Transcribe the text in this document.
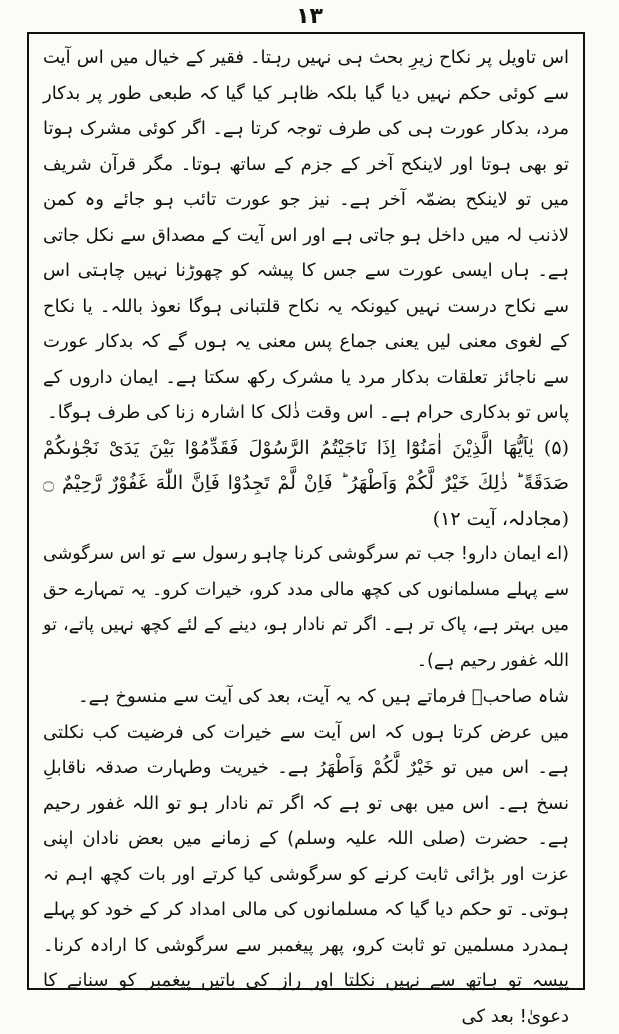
١٣

اس تاویل پر نکاح زیرِ بحث ہی نہیں رہتا۔ فقیر کے خیال میں اس آیت سے کوئی حکم نہیں دیا گیا بلکہ ظاہر کیا گیا کہ طبعی طور پر بدکار مرد، بدکار عورت ہی کی طرف توجہ کرتا ہے۔ اگر کوئی مشرک ہوتا تو بھی ہوتا اور لاینکح آخر کے جزم کے ساتھ ہوتا۔ مگر قرآن شریف میں تو لاینکح بضمّہ آخر ہے۔ نیز جو عورت تائب ہو جائے وہ کمن لاذنب لہ میں داخل ہو جاتی ہے اور اس آیت کے مصداق سے نکل جاتی ہے۔ ہاں ایسی عورت سے جس کا پیشہ کو چھوڑنا نہیں چاہتی اس سے نکاح درست نہیں کیونکہ یہ نکاح قلتبانی ہوگا نعوذ باللہ۔ یا نکاح کے لغوی معنی لیں یعنی جماع پس معنی یہ ہوں گے کہ بدکار عورت سے ناجائز تعلقات بدکار مرد یا مشرک رکھ سکتا ہے۔ ایمان داروں کے پاس تو بدکاری حرام ہے۔ اس وقت ذٰلک کا اشارہ زنا کی طرف ہوگا۔

(۵) یٰاَیُّھَا الَّذِیْنَ اٰمَنُوْٓا اِذَا نَاجَیْتُمُ الرَّسُوْلَ فَقَدِّمُوْا بَیْنَ یَدَیْ نَجْوٰىكُمْ صَدَقَةً ؕ ذٰلِكَ خَیْرٌ لَّكُمْ وَاَطْهَرُ ؕ فَاِنْ لَّمْ تَجِدُوْا فَاِنَّ اللّٰهَ غَفُوْرٌ رَّحِیْمٌ ۝ (مجادلہ، آیت ۱۲)

(اے ایمان دارو! جب تم سرگوشی کرنا چاہو رسول سے تو اس سرگوشی سے پہلے مسلمانوں کی کچھ مالی مدد کرو، خیرات کرو۔ یہ تمہارے حق میں بہتر ہے، پاک تر ہے۔ اگر تم نادار ہو، دینے کے لئے کچھ نہیں پاتے، تو اللہ غفور رحیم ہے)۔

شاہ صاحبؒ فرماتے ہیں کہ یہ آیت، بعد کی آیت سے منسوخ ہے۔

میں عرض کرتا ہوں کہ اس آیت سے خیرات کی فرضیت کب نکلتی ہے۔ اس میں تو خَیْرٌ لَّكُمْ وَاَطْهَرُ ہے۔ خیریت وطہارت صدقہ ناقابلِ نسخ ہے۔ اس میں بھی تو ہے کہ اگر تم نادار ہو تو اللہ غفور رحیم ہے۔ حضرت (صلی اللہ علیہ وسلم) کے زمانے میں بعض نادان اپنی عزت اور بڑائی ثابت کرنے کو سرگوشی کیا کرتے اور بات کچھ اہم نہ ہوتی۔ تو حکم دیا گیا کہ مسلمانوں کی مالی امداد کر کے خود کو پہلے ہمدرد مسلمین تو ثابت کرو، پھر پیغمبر سے سرگوشی کا ارادہ کرنا۔ پیسہ تو ہاتھ سے نہیں نکلتا اور راز کی باتیں پیغمبر کو سنانے کا دعویٰ! بعد کی
